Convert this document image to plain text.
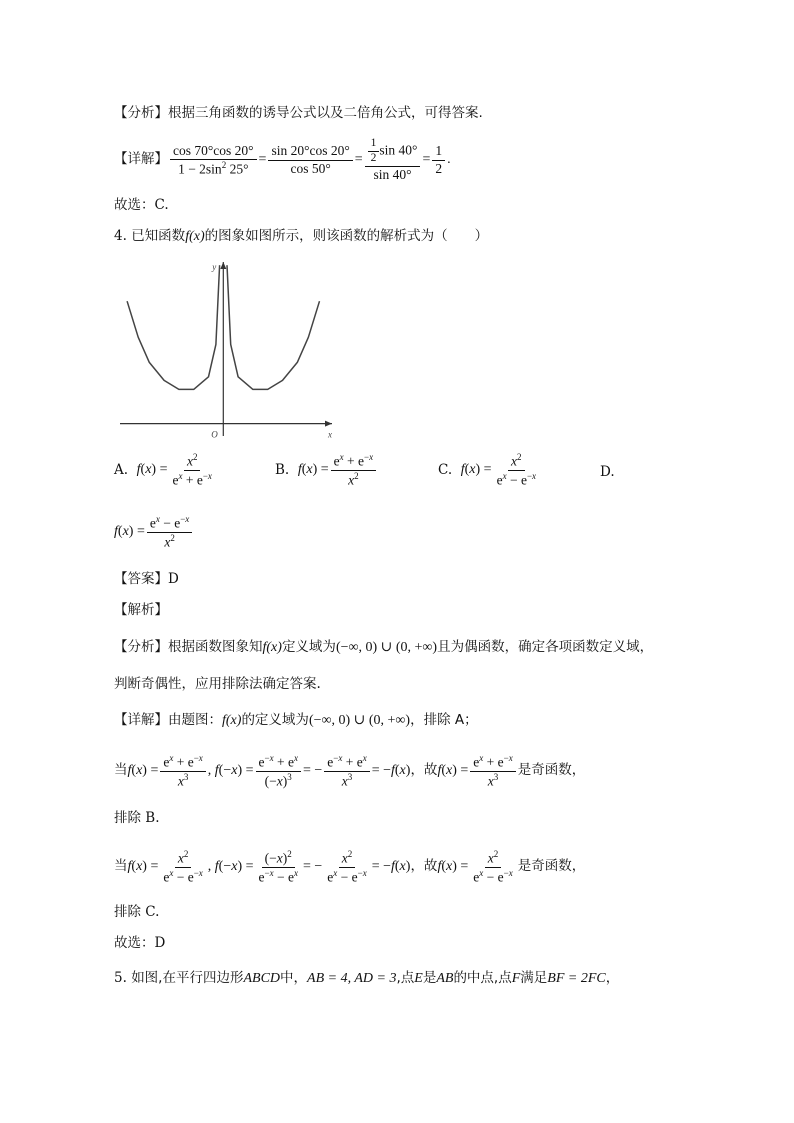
【分析】根据三角函数的诱导公式以及二倍角公式，可得答案.
【详解】 $\frac{\cos 70^\circ\cos 20^\circ}{1 - 2\sin^2 25^\circ} = \frac{\sin 20^\circ\cos 20^\circ}{\cos 50^\circ} = \frac{\frac{1}{2} \sin 40^\circ}{\sin 40^\circ} = \frac{1}{2}$ .
故选：C.
4. 已知函数f(x)的图象如图所示，则该函数的解析式为（　　）
y
x
O
A.
$f(x) = \frac{x^2}{e^x + e^{-x}}$	B.
$f(x) = \frac{e^x + e^{-x}}{x^2}$	C.
$f(x) = \frac{x^2}{e^x - e^{-x}}$	D.
$f(x) = \frac{e^x - e^{-x}}{x^2}$
【答案】D
【解析】
【分析】根据函数图象知f(x)定义域为(−∞, 0) ∪ (0, +∞)且为偶函数，确定各项函数定义域，
判断奇偶性，应用排除法确定答案.
【详解】由题图：f(x)的定义域为(−∞, 0) ∪ (0, +∞)，排除 A；
当 $f(x) = \frac{e^x + e^{-x}}{x^3}$ , $f(-x) = \frac{e^{-x} + e^x}{(-x)^3}$ = − $\frac{e^{-x} + e^x}{x^3} = -f(x)$ ，故 $f(x) = \frac{e^x + e^{-x}}{x^3}$ 是奇函数，
排除 B.
当 $f(x) = \frac{x^2}{e^x - e^{-x}}$ , $f(-x) = \frac{(-x)^2}{e^{-x} - e^x}$ = − $\frac{x^2}{e^x - e^{-x}} = -f(x)$ ，故 $f(x) = \frac{x^2}{e^x - e^{-x}}$ 是奇函数，
排除 C.
故选：D
5. 如图,在平行四边形ABCD中，AB = 4, AD = 3,点E是AB的中点,点F满足BF = 2FC，
